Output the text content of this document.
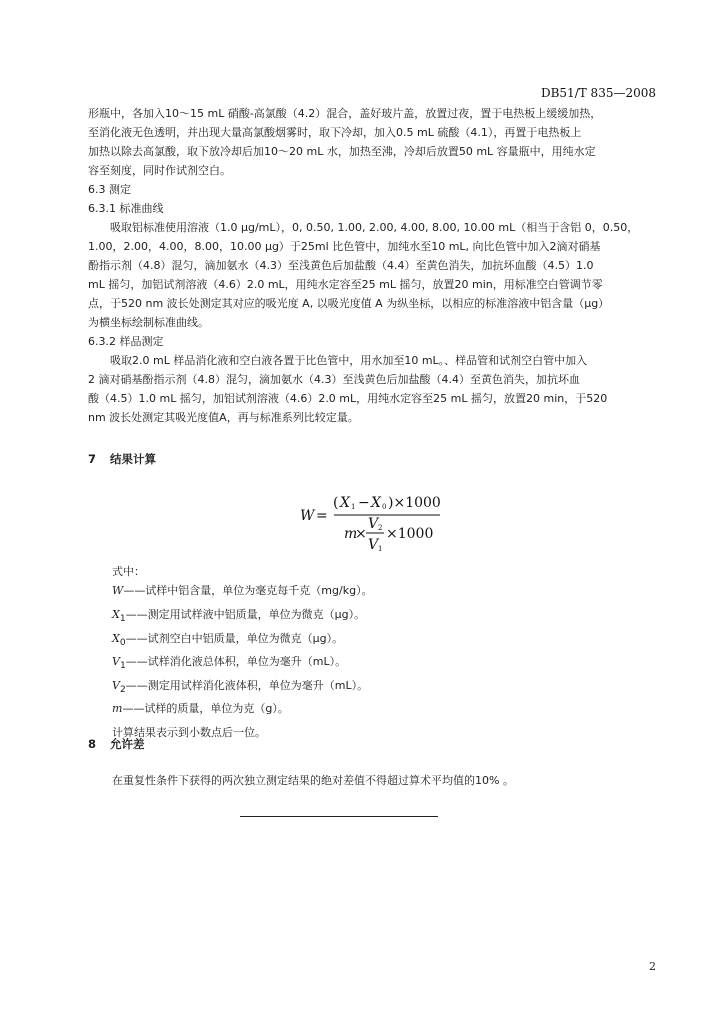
DB51/T 835—2008

形瓶中，各加入10～15 mL 硝酸-高氯酸（4.2）混合，盖好玻片盖，放置过夜，置于电热板上缓缓加热，

至消化液无色透明，并出现大量高氯酸烟雾时，取下冷却，加入0.5 mL 硫酸（4.1），再置于电热板上

加热以除去高氯酸，取下放冷却后加10～20 mL 水，加热至沸，冷却后放置50 mL 容量瓶中，用纯水定

容至刻度，同时作试剂空白。

6.3 测定

6.3.1 标准曲线

吸取铝标准使用溶液（1.0 μg/mL），0, 0.50, 1.00, 2.00, 4.00, 8.00, 10.00 mL（相当于含铝 0，0.50，

1.00，2.00，4.00，8.00，10.00 μg）于25ml 比色管中，加纯水至10 mL, 向比色管中加入2滴对硝基

酚指示剂（4.8）混匀，滴加氨水（4.3）至浅黄色后加盐酸（4.4）至黄色消失，加抗坏血酸（4.5）1.0

mL 摇匀，加铝试剂溶液（4.6）2.0 mL，用纯水定容至25 mL 摇匀，放置20 min，用标准空白管调节零

点，于520 nm 波长处测定其对应的吸光度 A, 以吸光度值 A 为纵坐标，以相应的标准溶液中铝含量（μg）

为横坐标绘制标准曲线。

6.3.2 样品测定

吸取2.0 mL 样品消化液和空白液各置于比色管中，用水加至10 mL。、样品管和试剂空白管中加入

2 滴对硝基酚指示剂（4.8）混匀，滴加氨水（4.3）至浅黄色后加盐酸（4.4）至黄色消失，加抗坏血

酸（4.5）1.0 mL 摇匀，加铝试剂溶液（4.6）2.0 mL，用纯水定容至25 mL 摇匀，放置20 min，于520

nm 波长处测定其吸光度值A，再与标准系列比较定量。

7 结果计算
W =
( X 1 − X 0 )×1000
m
×
V 2
V 1
×1000

式中：

W——试样中铝含量，单位为毫克每千克（mg/kg）。

$X_1——$测定用试样液中铝质量，单位为微克（μg）。

$X_0——$试剂空白中铝质量，单位为微克（μg）。

$V_1——$试样消化液总体积，单位为毫升（mL）。

$V_2——$测定用试样消化液体积，单位为毫升（mL）。

m——试样的质量，单位为克（g）。

计算结果表示到小数点后一位。

8 允许差
在重复性条件下获得的两次独立测定结果的绝对差值不得超过算术平均值的10% 。
2
